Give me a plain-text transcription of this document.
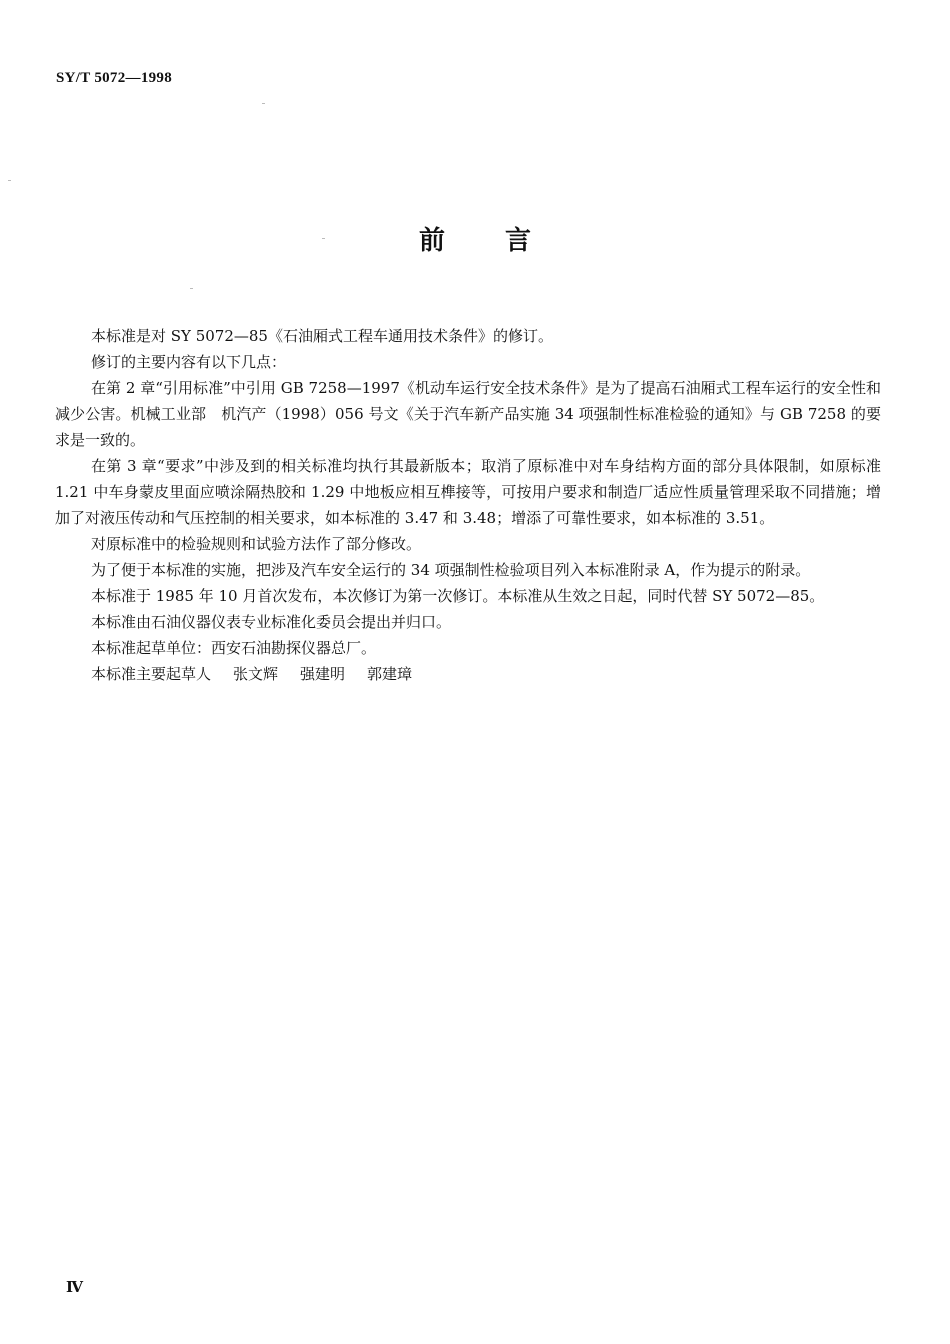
SY/T 5072—1998
前言

本标准是对 SY 5072—85《石油厢式工程车通用技术条件》的修订。

修订的主要内容有以下几点：

在第 2 章“引用标准”中引用 GB 7258—1997《机动车运行安全技术条件》是为了提高石油厢式工程车运行的安全性和减少公害。机械工业部　机汽产（1998）056 号文《关于汽车新产品实施 34 项强制性标准检验的通知》与 GB 7258 的要求是一致的。

在第 3 章“要求”中涉及到的相关标准均执行其最新版本；取消了原标准中对车身结构方面的部分具体限制，如原标准 1.21 中车身蒙皮里面应喷涂隔热胶和 1.29 中地板应相互榫接等，可按用户要求和制造厂适应性质量管理采取不同措施；增加了对液压传动和气压控制的相关要求，如本标准的 3.47 和 3.48；增添了可靠性要求，如本标准的 3.51。

对原标准中的检验规则和试验方法作了部分修改。

为了便于本标准的实施，把涉及汽车安全运行的 34 项强制性检验项目列入本标准附录 A，作为提示的附录。

本标准于 1985 年 10 月首次发布，本次修订为第一次修订。本标准从生效之日起，同时代替 SY 5072—85。

本标准由石油仪器仪表专业标准化委员会提出并归口。

本标准起草单位：西安石油勘探仪器总厂。

本标准主要起草人 张文辉 强建明 郭建璋

Ⅳ
